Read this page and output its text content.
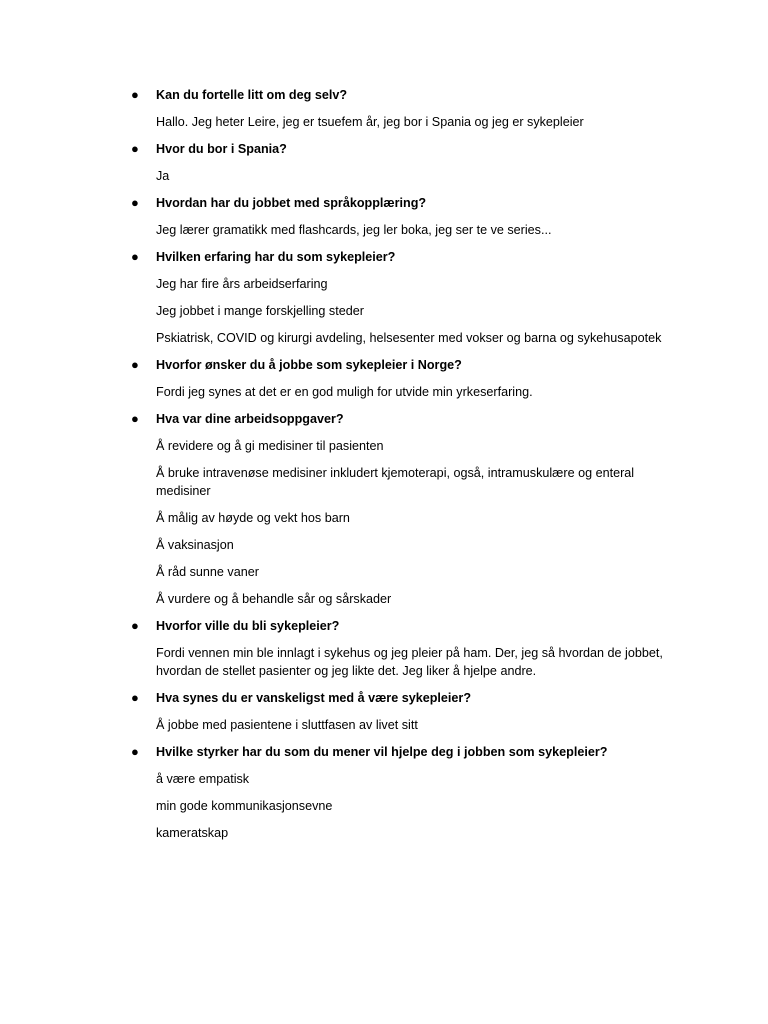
● Kan du fortelle litt om deg selv?
Hallo. Jeg heter Leire, jeg er tsuefem år, jeg bor i Spania og jeg er sykepleier
● Hvor du bor i Spania?
Ja
● Hvordan har du jobbet med språkopplæring?
Jeg lærer gramatikk med flashcards, jeg ler boka, jeg ser te ve series...
● Hvilken erfaring har du som sykepleier?
Jeg har fire års arbeidserfaring
Jeg jobbet i mange forskjelling steder
Pskiatrisk, COVID og kirurgi avdeling, helsesenter med vokser og barna og sykehusapotek
● Hvorfor ønsker du å jobbe som sykepleier i Norge?
Fordi jeg synes at det er en god muligh for utvide min yrkeserfaring.
● Hva var dine arbeidsoppgaver?
Å revidere og å gi medisiner til pasienten
Å bruke intravenøse medisiner inkludert kjemoterapi, også, intramuskulære og enteral medisiner
Å målig av høyde og vekt hos barn
Å vaksinasjon
Å råd sunne vaner
Å vurdere og å behandle sår og sårskader
● Hvorfor ville du bli sykepleier?
Fordi vennen min ble innlagt i sykehus og jeg pleier på ham. Der, jeg så hvordan de jobbet, hvordan de stellet pasienter og jeg likte det. Jeg liker å hjelpe andre.
● Hva synes du er vanskeligst med å være sykepleier?
Å jobbe med pasientene i sluttfasen av livet sitt
● Hvilke styrker har du som du mener vil hjelpe deg i jobben som sykepleier?
å være empatisk
min gode kommunikasjonsevne
kameratskap
